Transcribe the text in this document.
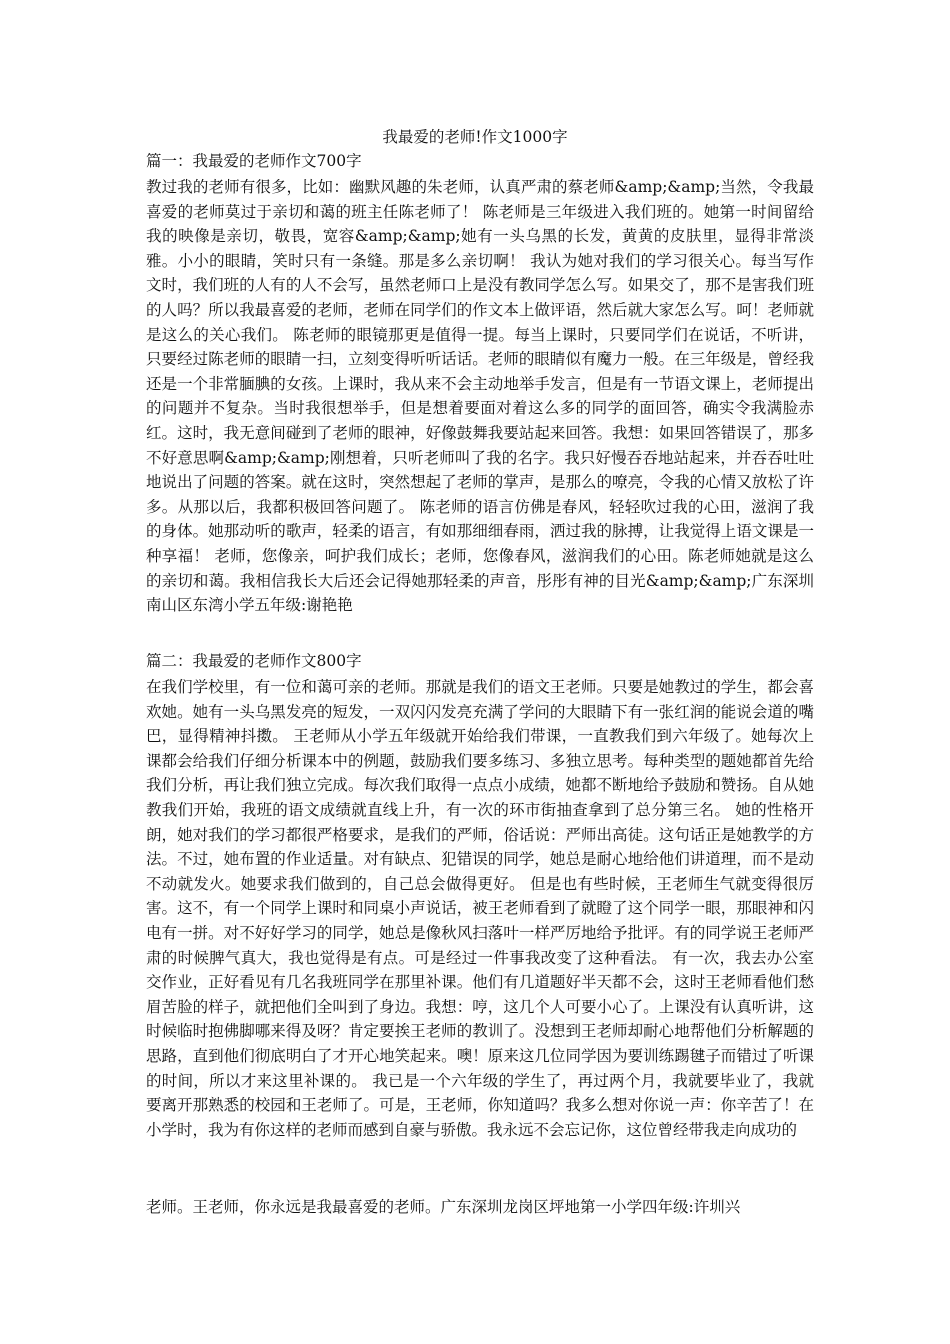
我最爱的老师!作文1000字
篇一：我最爱的老师作文700字

教过我的老师有很多，比如：幽默风趣的朱老师，认真严肃的蔡老师&amp;&amp;当然，令我最喜爱的老师莫过于亲切和蔼的班主任陈老师了！ 陈老师是三年级进入我们班的。她第一时间留给我的映像是亲切，敬畏，宽容&amp;&amp;她有一头乌黑的长发，黄黄的皮肤里，显得非常淡雅。小小的眼睛，笑时只有一条缝。那是多么亲切啊！ 我认为她对我们的学习很关心。每当写作文时，我们班的人有的人不会写，虽然老师口上是没有教同学怎么写。如果交了，那不是害我们班的人吗？所以我最喜爱的老师，老师在同学们的作文本上做评语，然后就大家怎么写。呵！老师就是这么的关心我们。 陈老师的眼镜那更是值得一提。每当上课时，只要同学们在说话，不听讲，只要经过陈老师的眼睛一扫，立刻变得听听话话。老师的眼睛似有魔力一般。在三年级是，曾经我还是一个非常腼腆的女孩。上课时，我从来不会主动地举手发言，但是有一节语文课上，老师提出的问题并不复杂。当时我很想举手，但是想着要面对着这么多的同学的面回答，确实令我满脸赤红。这时，我无意间碰到了老师的眼神，好像鼓舞我要站起来回答。我想：如果回答错误了，那多不好意思啊&amp;&amp;刚想着，只听老师叫了我的名字。我只好慢吞吞地站起来，并吞吞吐吐地说出了问题的答案。就在这时，突然想起了老师的掌声，是那么的嘹亮，令我的心情又放松了许多。从那以后，我都积极回答问题了。 陈老师的语言仿佛是春风，轻轻吹过我的心田，滋润了我的身体。她那动听的歌声，轻柔的语言，有如那细细春雨，洒过我的脉搏，让我觉得上语文课是一种享福！ 老师，您像亲，呵护我们成长；老师，您像春风，滋润我们的心田。陈老师她就是这么的亲切和蔼。我相信我长大后还会记得她那轻柔的声音，彤彤有神的目光&amp;&amp;广东深圳南山区东湾小学五年级:谢艳艳

篇二：我最爱的老师作文800字

在我们学校里，有一位和蔼可亲的老师。那就是我们的语文王老师。只要是她教过的学生，都会喜欢她。她有一头乌黑发亮的短发，一双闪闪发亮充满了学问的大眼睛下有一张红润的能说会道的嘴巴，显得精神抖擞。 王老师从小学五年级就开始给我们带课，一直教我们到六年级了。她每次上课都会给我们仔细分析课本中的例题，鼓励我们要多练习、多独立思考。每种类型的题她都首先给我们分析，再让我们独立完成。每次我们取得一点点小成绩，她都不断地给予鼓励和赞扬。自从她教我们开始，我班的语文成绩就直线上升，有一次的环市街抽查拿到了总分第三名。 她的性格开朗，她对我们的学习都很严格要求，是我们的严师，俗话说：严师出高徒。这句话正是她教学的方法。不过，她布置的作业适量。对有缺点、犯错误的同学，她总是耐心地给他们讲道理，而不是动不动就发火。她要求我们做到的，自己总会做得更好。 但是也有些时候，王老师生气就变得很厉害。这不，有一个同学上课时和同桌小声说话，被王老师看到了就瞪了这个同学一眼，那眼神和闪电有一拼。对不好好学习的同学，她总是像秋风扫落叶一样严厉地给予批评。有的同学说王老师严肃的时候脾气真大，我也觉得是有点。可是经过一件事我改变了这种看法。 有一次，我去办公室交作业，正好看见有几名我班同学在那里补课。他们有几道题好半天都不会，这时王老师看他们愁眉苦脸的样子，就把他们全叫到了身边。我想：哼，这几个人可要小心了。上课没有认真听讲，这时候临时抱佛脚哪来得及呀？肯定要挨王老师的教训了。没想到王老师却耐心地帮他们分析解题的思路，直到他们彻底明白了才开心地笑起来。噢！原来这几位同学因为要训练踢毽子而错过了听课的时间，所以才来这里补课的。 我已是一个六年级的学生了，再过两个月，我就要毕业了，我就要离开那熟悉的校园和王老师了。可是，王老师，你知道吗？我多么想对你说一声：你辛苦了！在小学时，我为有你这样的老师而感到自豪与骄傲。我永远不会忘记你，这位曾经带我走向成功的

老师。王老师，你永远是我最喜爱的老师。广东深圳龙岗区坪地第一小学四年级:许圳兴
